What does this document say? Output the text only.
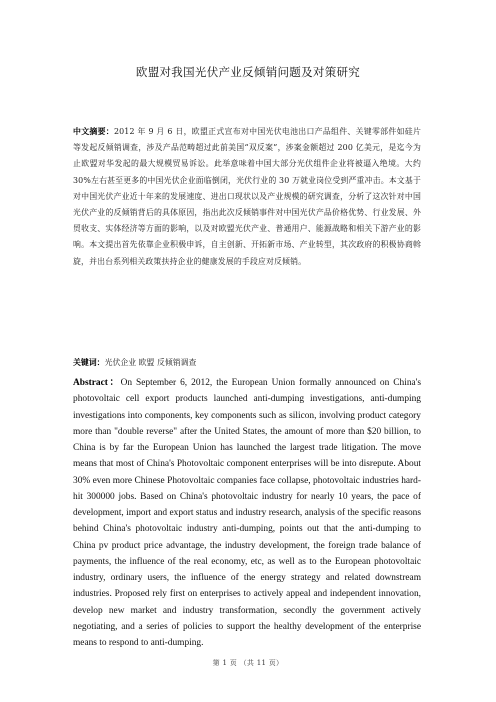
欧盟对我国光伏产业反倾销问题及对策研究
中文摘要：2012 年 9 月 6 日，欧盟正式宣布对中国光伏电池出口产品组件、关键零部件如硅片等发起反倾销调查，涉及产品范畴超过此前美国“双反案”，涉案金额超过 200 亿美元，是迄今为止欧盟对华发起的最大规模贸易诉讼。此举意味着中国大部分光伏组件企业将被逼入绝境。大约 30%左右甚至更多的中国光伏企业面临倒闭，光伏行业的 30 万就业岗位受到严重冲击。本文基于对中国光伏产业近十年来的发展速度、进出口现状以及产业规模的研究调查，分析了这次针对中国光伏产业的反倾销背后的具体原因，指出此次反倾销事件对中国光伏产品价格优势、行业发展、外贸收支、实体经济等方面的影响，以及对欧盟光伏产业、普通用户、能源战略和相关下游产业的影响。本文提出首先依靠企业积极申诉，自主创新、开拓新市场、产业转型，其次政府的积极协商斡旋，并出台系列相关政策扶持企业的健康发展的手段应对反倾销。
关键词：光伏企业 欧盟 反倾销调查
Abstract：On September 6, 2012, the European Union formally announced on China's photovoltaic cell export products launched anti-dumping investigations, anti-dumping investigations into components, key components such as silicon, involving product category more than "double reverse" after the United States, the amount of more than $20 billion, to China is by far the European Union has launched the largest trade litigation. The move means that most of China's Photovoltaic component enterprises will be into disrepute. About 30% even more Chinese Photovoltaic companies face collapse, photovoltaic industries hard-hit 300000 jobs. Based on China's photovoltaic industry for nearly 10 years, the pace of development, import and export status and industry research, analysis of the specific reasons behind China's photovoltaic industry anti-dumping, points out that the anti-dumping to China pv product price advantage, the industry development, the foreign trade balance of payments, the influence of the real economy, etc, as well as to the European photovoltaic industry, ordinary users, the influence of the energy strategy and related downstream industries. Proposed rely first on enterprises to actively appeal and independent innovation, develop new market and industry transformation, secondly the government actively negotiating, and a series of policies to support the healthy development of the enterprise means to respond to anti-dumping.
第 1 页 （共 11 页）
